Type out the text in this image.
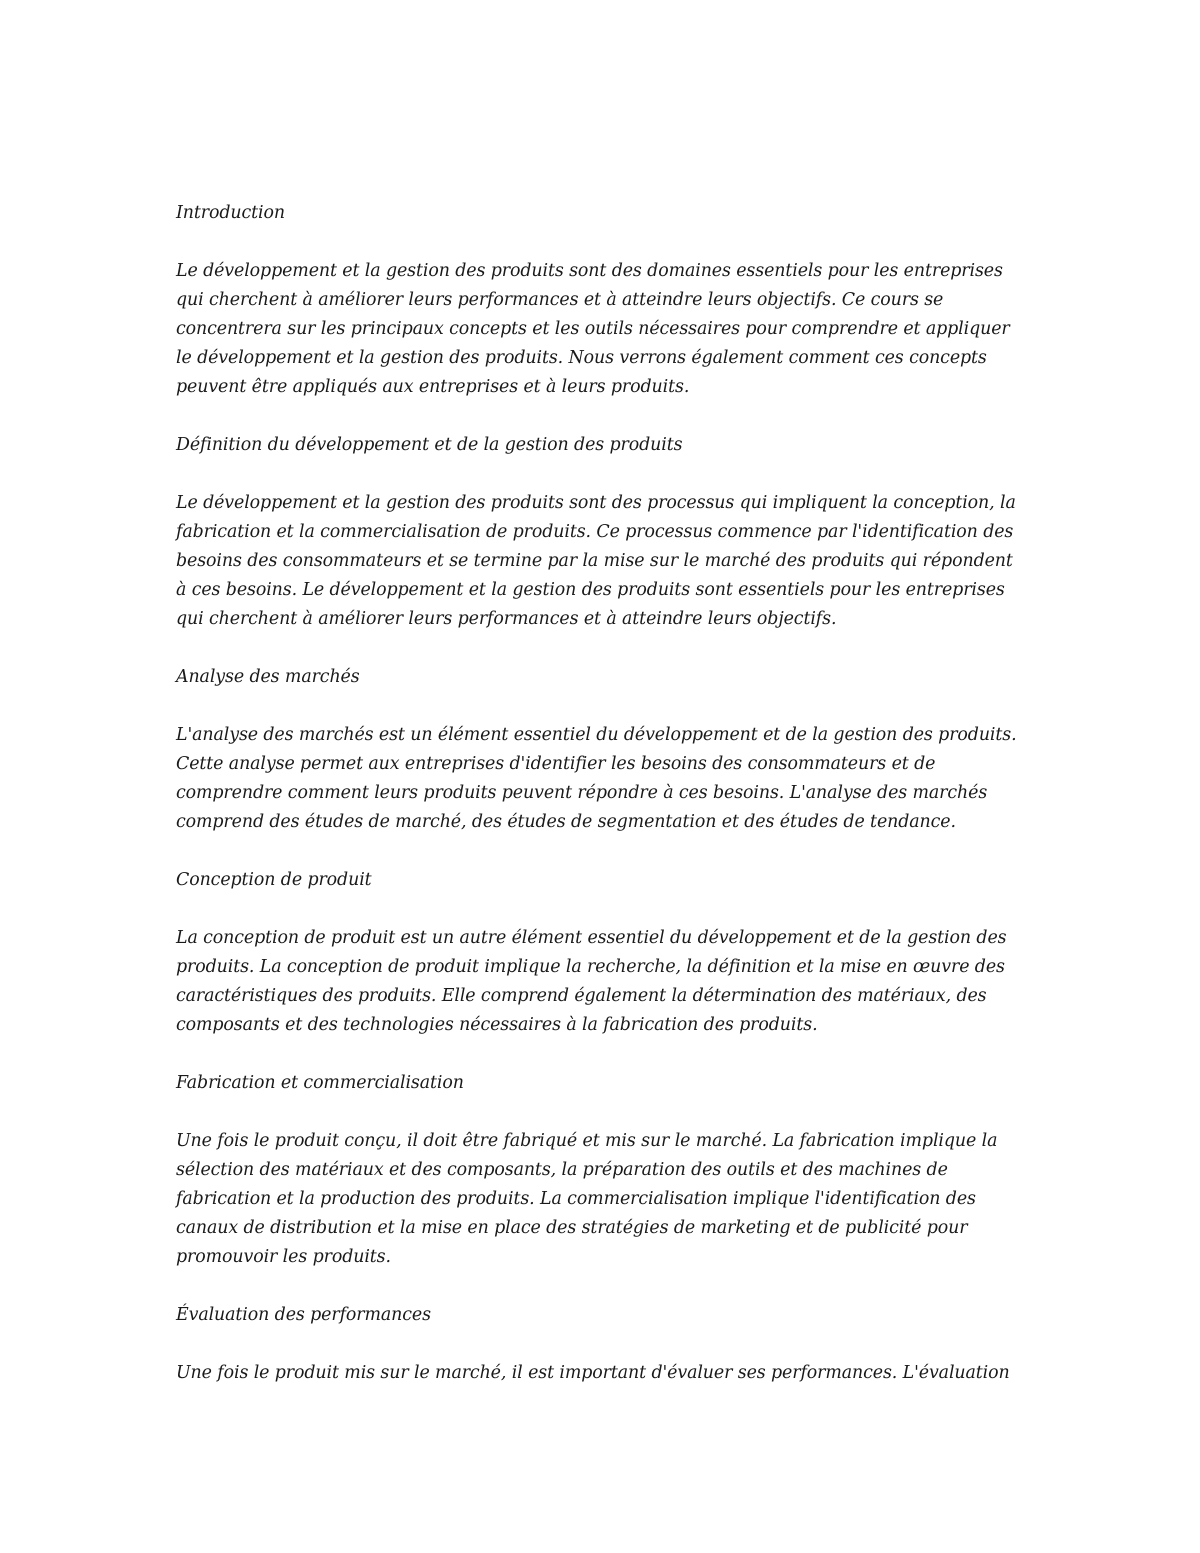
Introduction
Le développement et la gestion des produits sont des domaines essentiels pour les entreprises
qui cherchent à améliorer leurs performances et à atteindre leurs objectifs. Ce cours se
concentrera sur les principaux concepts et les outils nécessaires pour comprendre et appliquer
le développement et la gestion des produits. Nous verrons également comment ces concepts
peuvent être appliqués aux entreprises et à leurs produits.
Définition du développement et de la gestion des produits
Le développement et la gestion des produits sont des processus qui impliquent la conception, la
fabrication et la commercialisation de produits. Ce processus commence par l'identification des
besoins des consommateurs et se termine par la mise sur le marché des produits qui répondent
à ces besoins. Le développement et la gestion des produits sont essentiels pour les entreprises
qui cherchent à améliorer leurs performances et à atteindre leurs objectifs.
Analyse des marchés
L'analyse des marchés est un élément essentiel du développement et de la gestion des produits.
Cette analyse permet aux entreprises d'identifier les besoins des consommateurs et de
comprendre comment leurs produits peuvent répondre à ces besoins. L'analyse des marchés
comprend des études de marché, des études de segmentation et des études de tendance.
Conception de produit
La conception de produit est un autre élément essentiel du développement et de la gestion des
produits. La conception de produit implique la recherche, la définition et la mise en œuvre des
caractéristiques des produits. Elle comprend également la détermination des matériaux, des
composants et des technologies nécessaires à la fabrication des produits.
Fabrication et commercialisation
Une fois le produit conçu, il doit être fabriqué et mis sur le marché. La fabrication implique la
sélection des matériaux et des composants, la préparation des outils et des machines de
fabrication et la production des produits. La commercialisation implique l'identification des
canaux de distribution et la mise en place des stratégies de marketing et de publicité pour
promouvoir les produits.
Évaluation des performances
Une fois le produit mis sur le marché, il est important d'évaluer ses performances. L'évaluation
